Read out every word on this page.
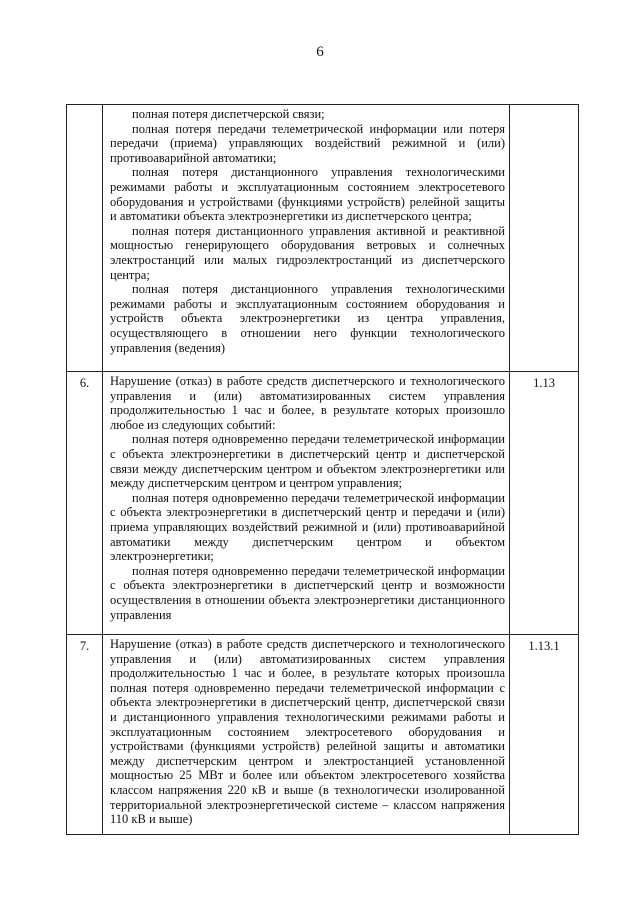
6

	полная потеря диспетчерской связи;

полная потеря передачи телеметрической информации или потеря передачи (приема) управляющих воздействий режимной и (или) противоаварийной автоматики;

полная потеря дистанционного управления технологическими режимами работы и эксплуатационным состоянием электросетевого оборудования и устройствами (функциями устройств) релейной защиты и автоматики объекта электроэнергетики из диспетчерского центра;

полная потеря дистанционного управления активной и реактивной мощностью генерирующего оборудования ветровых и солнечных электростанций или малых гидроэлектростанций из диспетчерского центра;

полная потеря дистанционного управления технологическими режимами работы и эксплуатационным состоянием оборудования и устройств объекта электроэнергетики из центра управления, осуществляющего в отношении него функции технологического управления (ведения)	

6.	Нарушение (отказ) в работе средств диспетчерского и технологического управления и (или) автоматизированных систем управления продолжительностью 1 час и более, в результате которых произошло любое из следующих событий:

полная потеря одновременно передачи телеметрической информации с объекта электроэнергетики в диспетчерский центр и диспетчерской связи между диспетчерским центром и объектом электроэнергетики или между диспетчерским центром и центром управления;

полная потеря одновременно передачи телеметрической информации с объекта электроэнергетики в диспетчерский центр и передачи и (или) приема управляющих воздействий режимной и (или) противоаварийной автоматики между диспетчерским центром и объектом электроэнергетики;

полная потеря одновременно передачи телеметрической информации с объекта электроэнергетики в диспетчерский центр и возможности осуществления в отношении объекта электроэнергетики дистанционного управления	1.13
7.	Нарушение (отказ) в работе средств диспетчерского и технологического управления и (или) автоматизированных систем управления продолжительностью 1 час и более, в результате которых произошла полная потеря одновременно передачи телеметрической информации с объекта электроэнергетики в диспетчерский центр, диспетчерской связи и дистанционного управления технологическими режимами работы и эксплуатационным состоянием электросетевого оборудования и устройствами (функциями устройств) релейной защиты и автоматики между диспетчерским центром и электростанцией установленной мощностью 25 МВт и более или объектом электросетевого хозяйства классом напряжения 220 кВ и выше (в технологически изолированной территориальной электроэнергетической системе – классом напряжения 110 кВ и выше)	1.13.1
